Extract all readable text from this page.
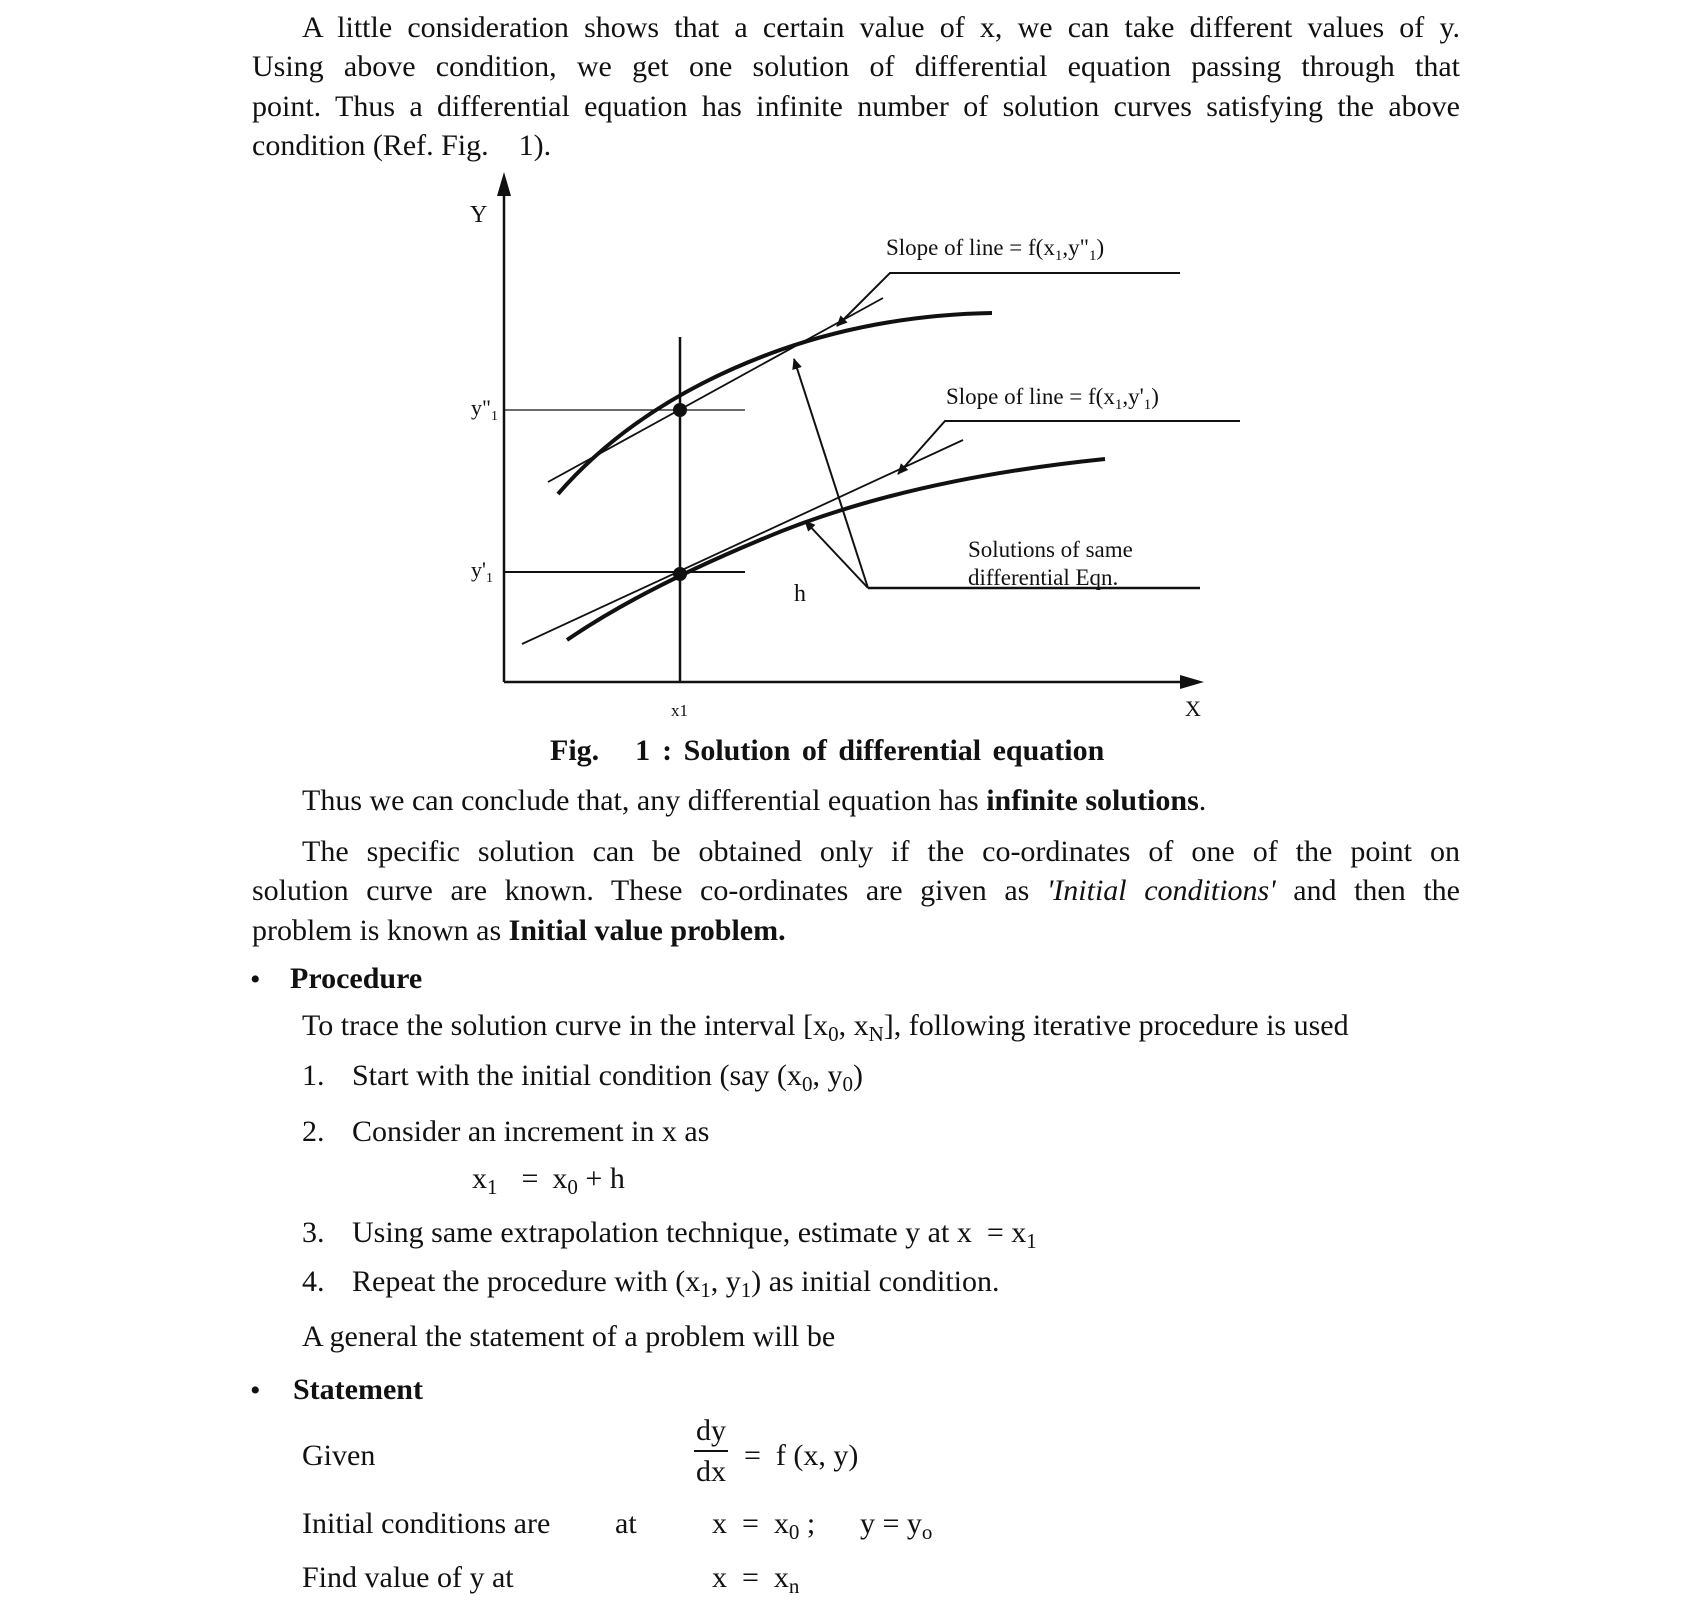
A little consideration shows that a certain value of x, we can take different values of y.
Using above condition, we get one solution of differential equation passing through that
point. Thus a differential equation has infinite number of solution curves satisfying the above
condition (Ref. Fig.    1).
Y
X
x1
$y"_1$
$y'_1$
h
Slope of line = $f(x_1,y"_1)$
Slope of line = $f(x_1,y'_1)$
Solutions of same
differential Eqn.
Fig. 1 : Solution of differential equation
Thus we can conclude that, any differential equation has infinite solutions.
The specific solution can be obtained only if the co-ordinates of one of the point on
solution curve are known. These co-ordinates are given as 'Initial conditions' and then the
problem is known as Initial value problem.
• Procedure
To trace the solution curve in the interval [$x_0$, $x_N$], following iterative procedure is used
1. Start with the initial condition (say ($x_0$, $y_0$)
2. Consider an increment in x as
$x_1 = x_0 + h$
3. Using same extrapolation technique, estimate y at $x = x_1$
4. Repeat the procedure with ($x_1$, $y_1$) as initial condition.
A general the statement of a problem will be
• Statement
Given	$\frac{dy}{dx} = f$ (x, y)
Initial conditions are at	$x = x_0$ ; $y = y_o$
Find value of y at	$x = x_n$
